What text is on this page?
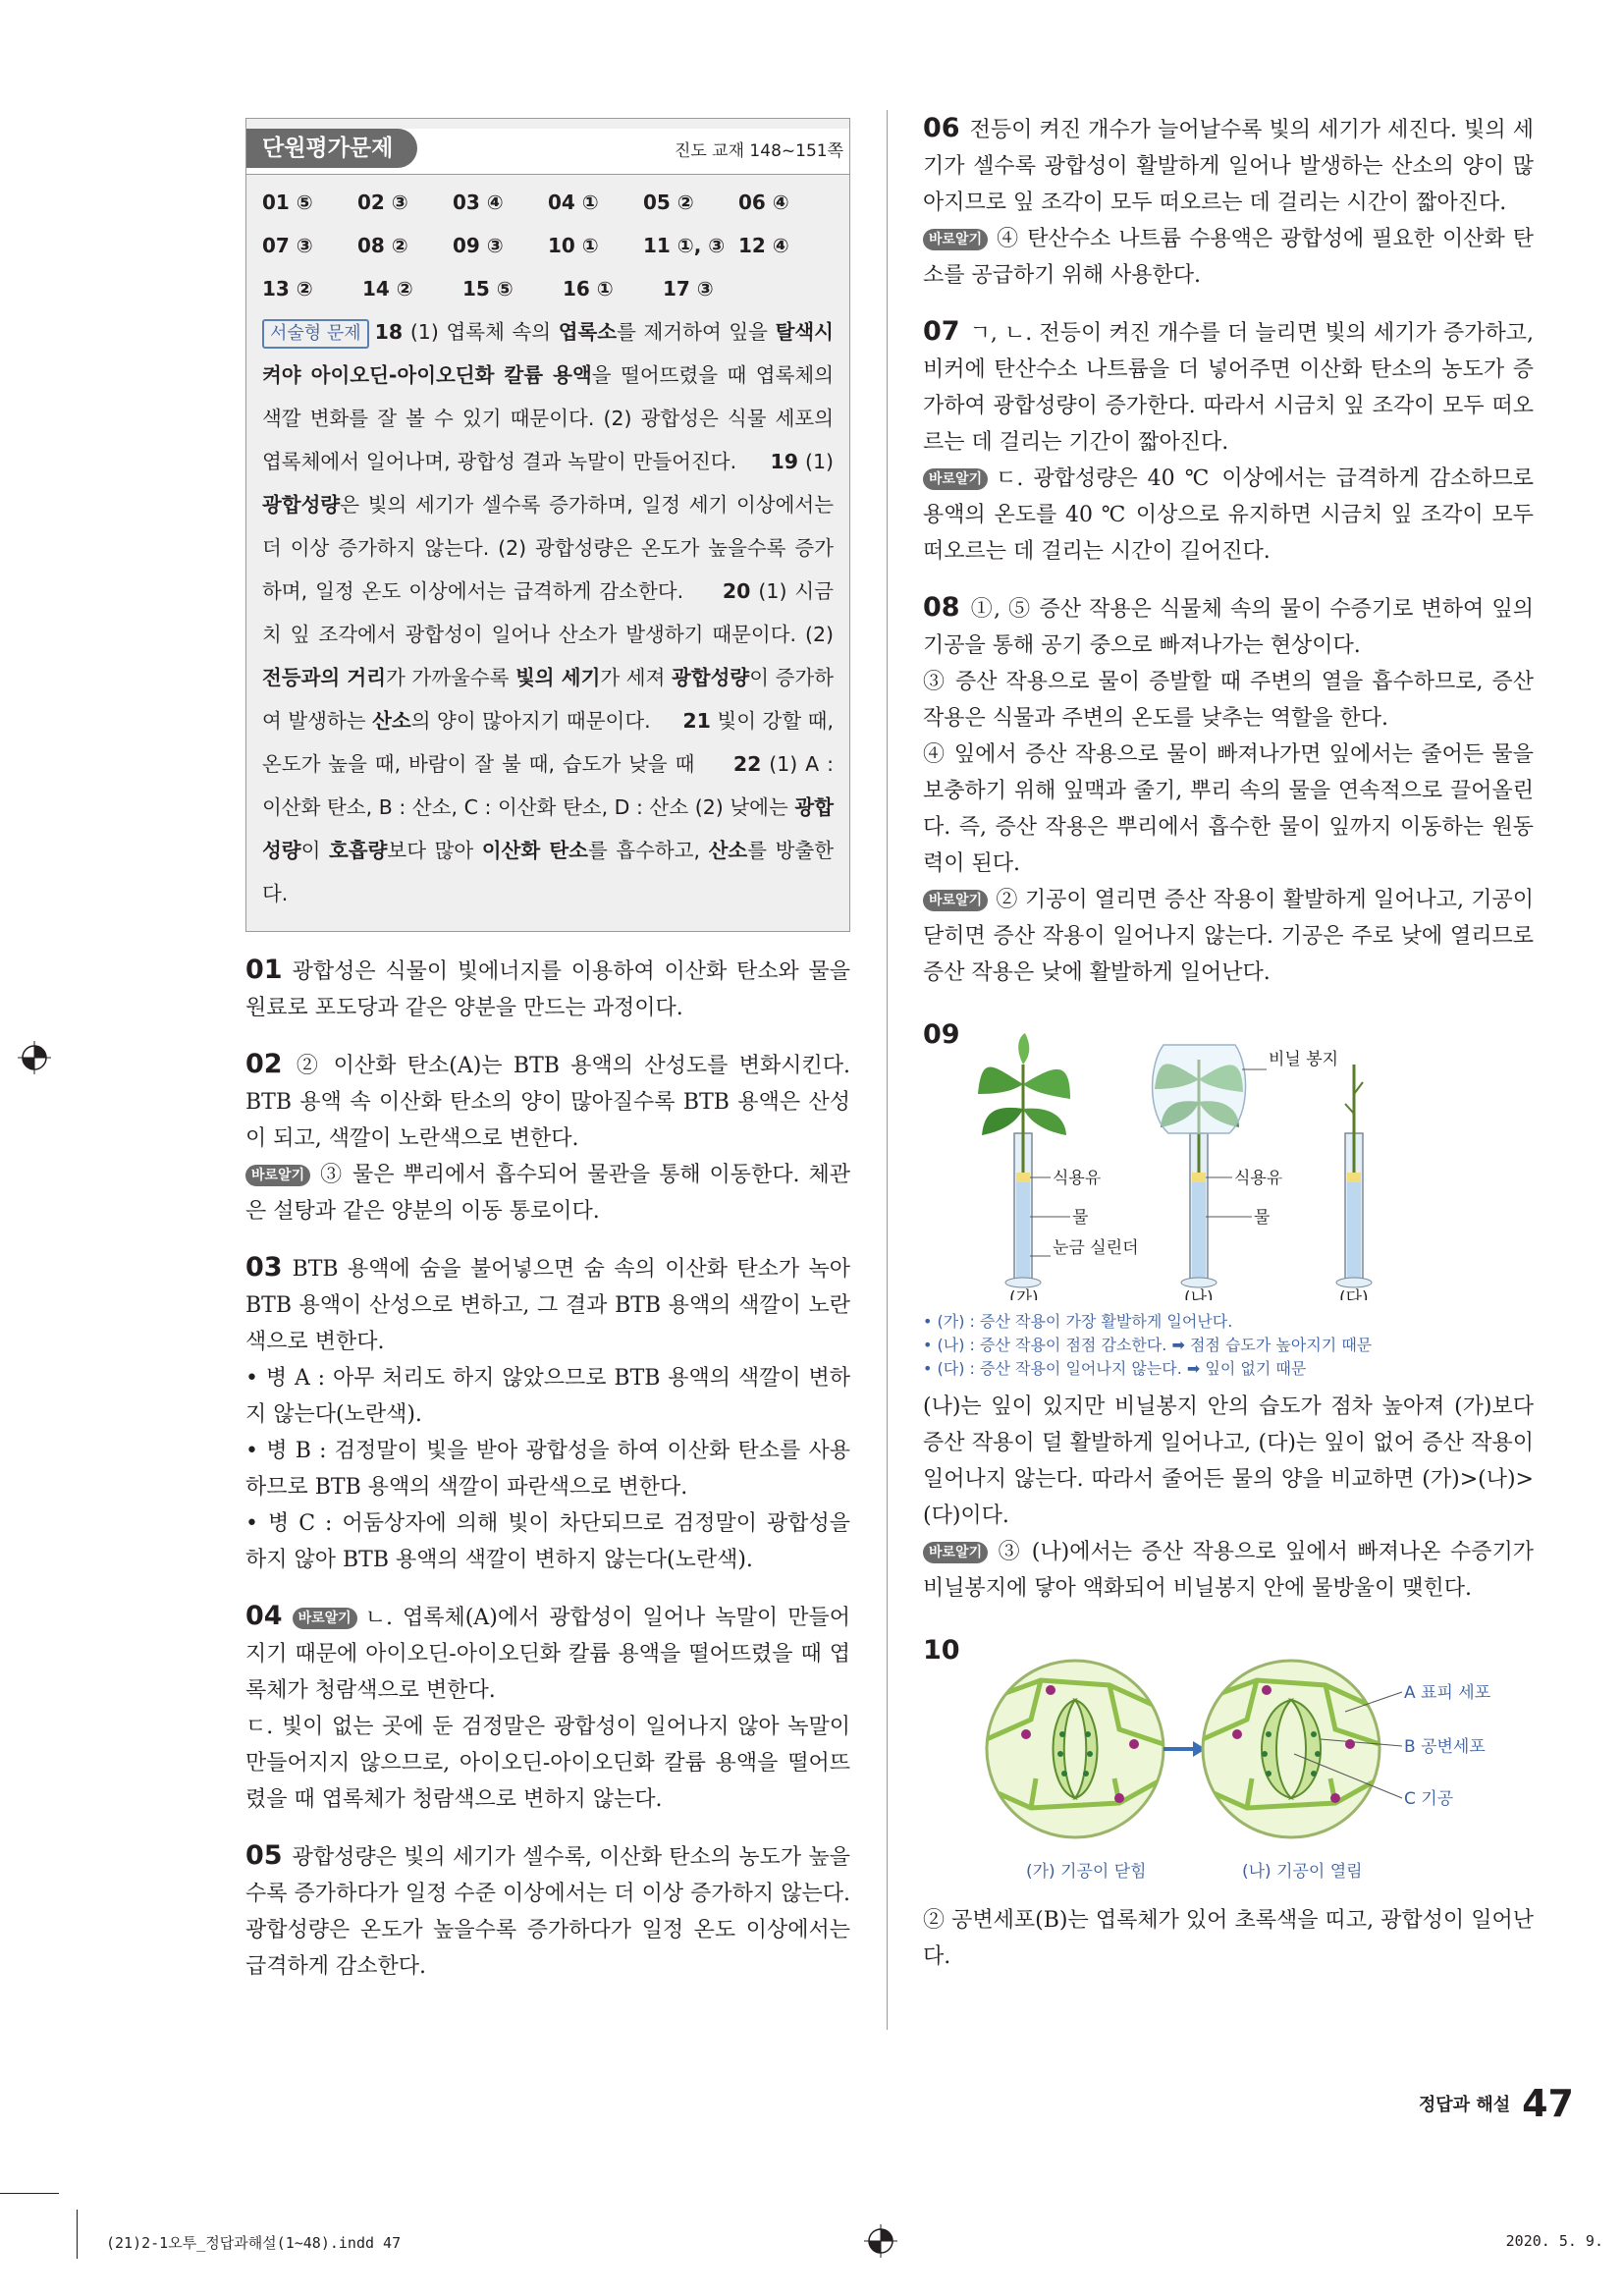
단원평가문제	진도 교재 148~151쪽
01 ⑤	02 ③	03 ④	04 ①	05 ②	06 ④
07 ③	08 ②	09 ③	10 ①	11 ①, ③ 12 ④
13 ②	14 ②	15 ⑤	16 ①	17 ③
서술형 문제 18 (1) 엽록체 속의 엽록소를 제거하여 잎을 탈색시켜야 아이오딘-아이오딘화 칼륨 용액을 떨어뜨렸을 때 엽록체의 색깔 변화를 잘 볼 수 있기 때문이다. (2) 광합성은 식물 세포의 엽록체에서 일어나며, 광합성 결과 녹말이 만들어진다.     19 (1) 광합성량은 빛의 세기가 셀수록 증가하며, 일정 세기 이상에서는 더 이상 증가하지 않는다. (2) 광합성량은 온도가 높을수록 증가하며, 일정 온도 이상에서는 급격하게 감소한다.     20 (1) 시금치 잎 조각에서 광합성이 일어나 산소가 발생하기 때문이다. (2) 전등과의 거리가 가까울수록 빛의 세기가 세져 광합성량이 증가하여 발생하는 산소의 양이 많아지기 때문이다.     21 빛이 강할 때, 온도가 높을 때, 바람이 잘 불 때, 습도가 낮을 때     22 (1) A : 이산화 탄소, B : 산소, C : 이산화 탄소, D : 산소 (2) 낮에는 광합성량이 호흡량보다 많아 이산화 탄소를 흡수하고, 산소를 방출한다.
01 광합성은 식물이 빛에너지를 이용하여 이산화 탄소와 물을 원료로 포도당과 같은 양분을 만드는 과정이다.
02 ② 이산화 탄소(A)는 BTB 용액의 산성도를 변화시킨다. BTB 용액 속 이산화 탄소의 양이 많아질수록 BTB 용액은 산성이 되고, 색깔이 노란색으로 변한다.
바로알기 ③ 물은 뿌리에서 흡수되어 물관을 통해 이동한다. 체관은 설탕과 같은 양분의 이동 통로이다.
03 BTB 용액에 숨을 불어넣으면 숨 속의 이산화 탄소가 녹아 BTB 용액이 산성으로 변하고, 그 결과 BTB 용액의 색깔이 노란색으로 변한다.
• 병 A : 아무 처리도 하지 않았으므로 BTB 용액의 색깔이 변하지 않는다(노란색).
• 병 B : 검정말이 빛을 받아 광합성을 하여 이산화 탄소를 사용하므로 BTB 용액의 색깔이 파란색으로 변한다.
• 병 C : 어둠상자에 의해 빛이 차단되므로 검정말이 광합성을 하지 않아 BTB 용액의 색깔이 변하지 않는다(노란색).
04 바로알기 ㄴ. 엽록체(A)에서 광합성이 일어나 녹말이 만들어지기 때문에 아이오딘-아이오딘화 칼륨 용액을 떨어뜨렸을 때 엽록체가 청람색으로 변한다.
ㄷ. 빛이 없는 곳에 둔 검정말은 광합성이 일어나지 않아 녹말이 만들어지지 않으므로, 아이오딘-아이오딘화 칼륨 용액을 떨어뜨렸을 때 엽록체가 청람색으로 변하지 않는다.
05 광합성량은 빛의 세기가 셀수록, 이산화 탄소의 농도가 높을수록 증가하다가 일정 수준 이상에서는 더 이상 증가하지 않는다. 광합성량은 온도가 높을수록 증가하다가 일정 온도 이상에서는 급격하게 감소한다.
06 전등이 켜진 개수가 늘어날수록 빛의 세기가 세진다. 빛의 세기가 셀수록 광합성이 활발하게 일어나 발생하는 산소의 양이 많아지므로 잎 조각이 모두 떠오르는 데 걸리는 시간이 짧아진다.
바로알기 ④ 탄산수소 나트륨 수용액은 광합성에 필요한 이산화 탄소를 공급하기 위해 사용한다.
07 ㄱ, ㄴ. 전등이 켜진 개수를 더 늘리면 빛의 세기가 증가하고, 비커에 탄산수소 나트륨을 더 넣어주면 이산화 탄소의 농도가 증가하여 광합성량이 증가한다. 따라서 시금치 잎 조각이 모두 떠오르는 데 걸리는 기간이 짧아진다.
바로알기 ㄷ. 광합성량은 40 ℃ 이상에서는 급격하게 감소하므로 용액의 온도를 40 ℃ 이상으로 유지하면 시금치 잎 조각이 모두 떠오르는 데 걸리는 시간이 길어진다.
08 ①, ⑤ 증산 작용은 식물체 속의 물이 수증기로 변하여 잎의 기공을 통해 공기 중으로 빠져나가는 현상이다.
③ 증산 작용으로 물이 증발할 때 주변의 열을 흡수하므로, 증산 작용은 식물과 주변의 온도를 낮추는 역할을 한다.
④ 잎에서 증산 작용으로 물이 빠져나가면 잎에서는 줄어든 물을 보충하기 위해 잎맥과 줄기, 뿌리 속의 물을 연속적으로 끌어올린다. 즉, 증산 작용은 뿌리에서 흡수한 물이 잎까지 이동하는 원동력이 된다.
바로알기 ② 기공이 열리면 증산 작용이 활발하게 일어나고, 기공이 닫히면 증산 작용이 일어나지 않는다. 기공은 주로 낮에 열리므로 증산 작용은 낮에 활발하게 일어난다.
09
식용유
물
눈금 실린더
식용유
물
비닐 봉지
(가)	(나)	(다)
• (가) : 증산 작용이 가장 활발하게 일어난다.
• (나) : 증산 작용이 점점 감소한다. ➡ 점점 습도가 높아지기 때문
• (다) : 증산 작용이 일어나지 않는다. ➡ 잎이 없기 때문

(나)는 잎이 있지만 비닐봉지 안의 습도가 점차 높아져 (가)보다 증산 작용이 덜 활발하게 일어나고, (다)는 잎이 없어 증산 작용이 일어나지 않는다. 따라서 줄어든 물의 양을 비교하면 (가)>(나)>(다)이다.
바로알기 ③ (나)에서는 증산 작용으로 잎에서 빠져나온 수증기가 비닐봉지에 닿아 액화되어 비닐봉지 안에 물방울이 맺힌다.

10
A 표피 세포
B 공변세포
C 기공
(가) 기공이 닫힘	(나) 기공이 열림

② 공변세포(B)는 엽록체가 있어 초록색을 띠고, 광합성이 일어난다.

정답과 해설 47
(21)2-1오투_정답과해설(1~48).indd 47	2020. 5. 9.
